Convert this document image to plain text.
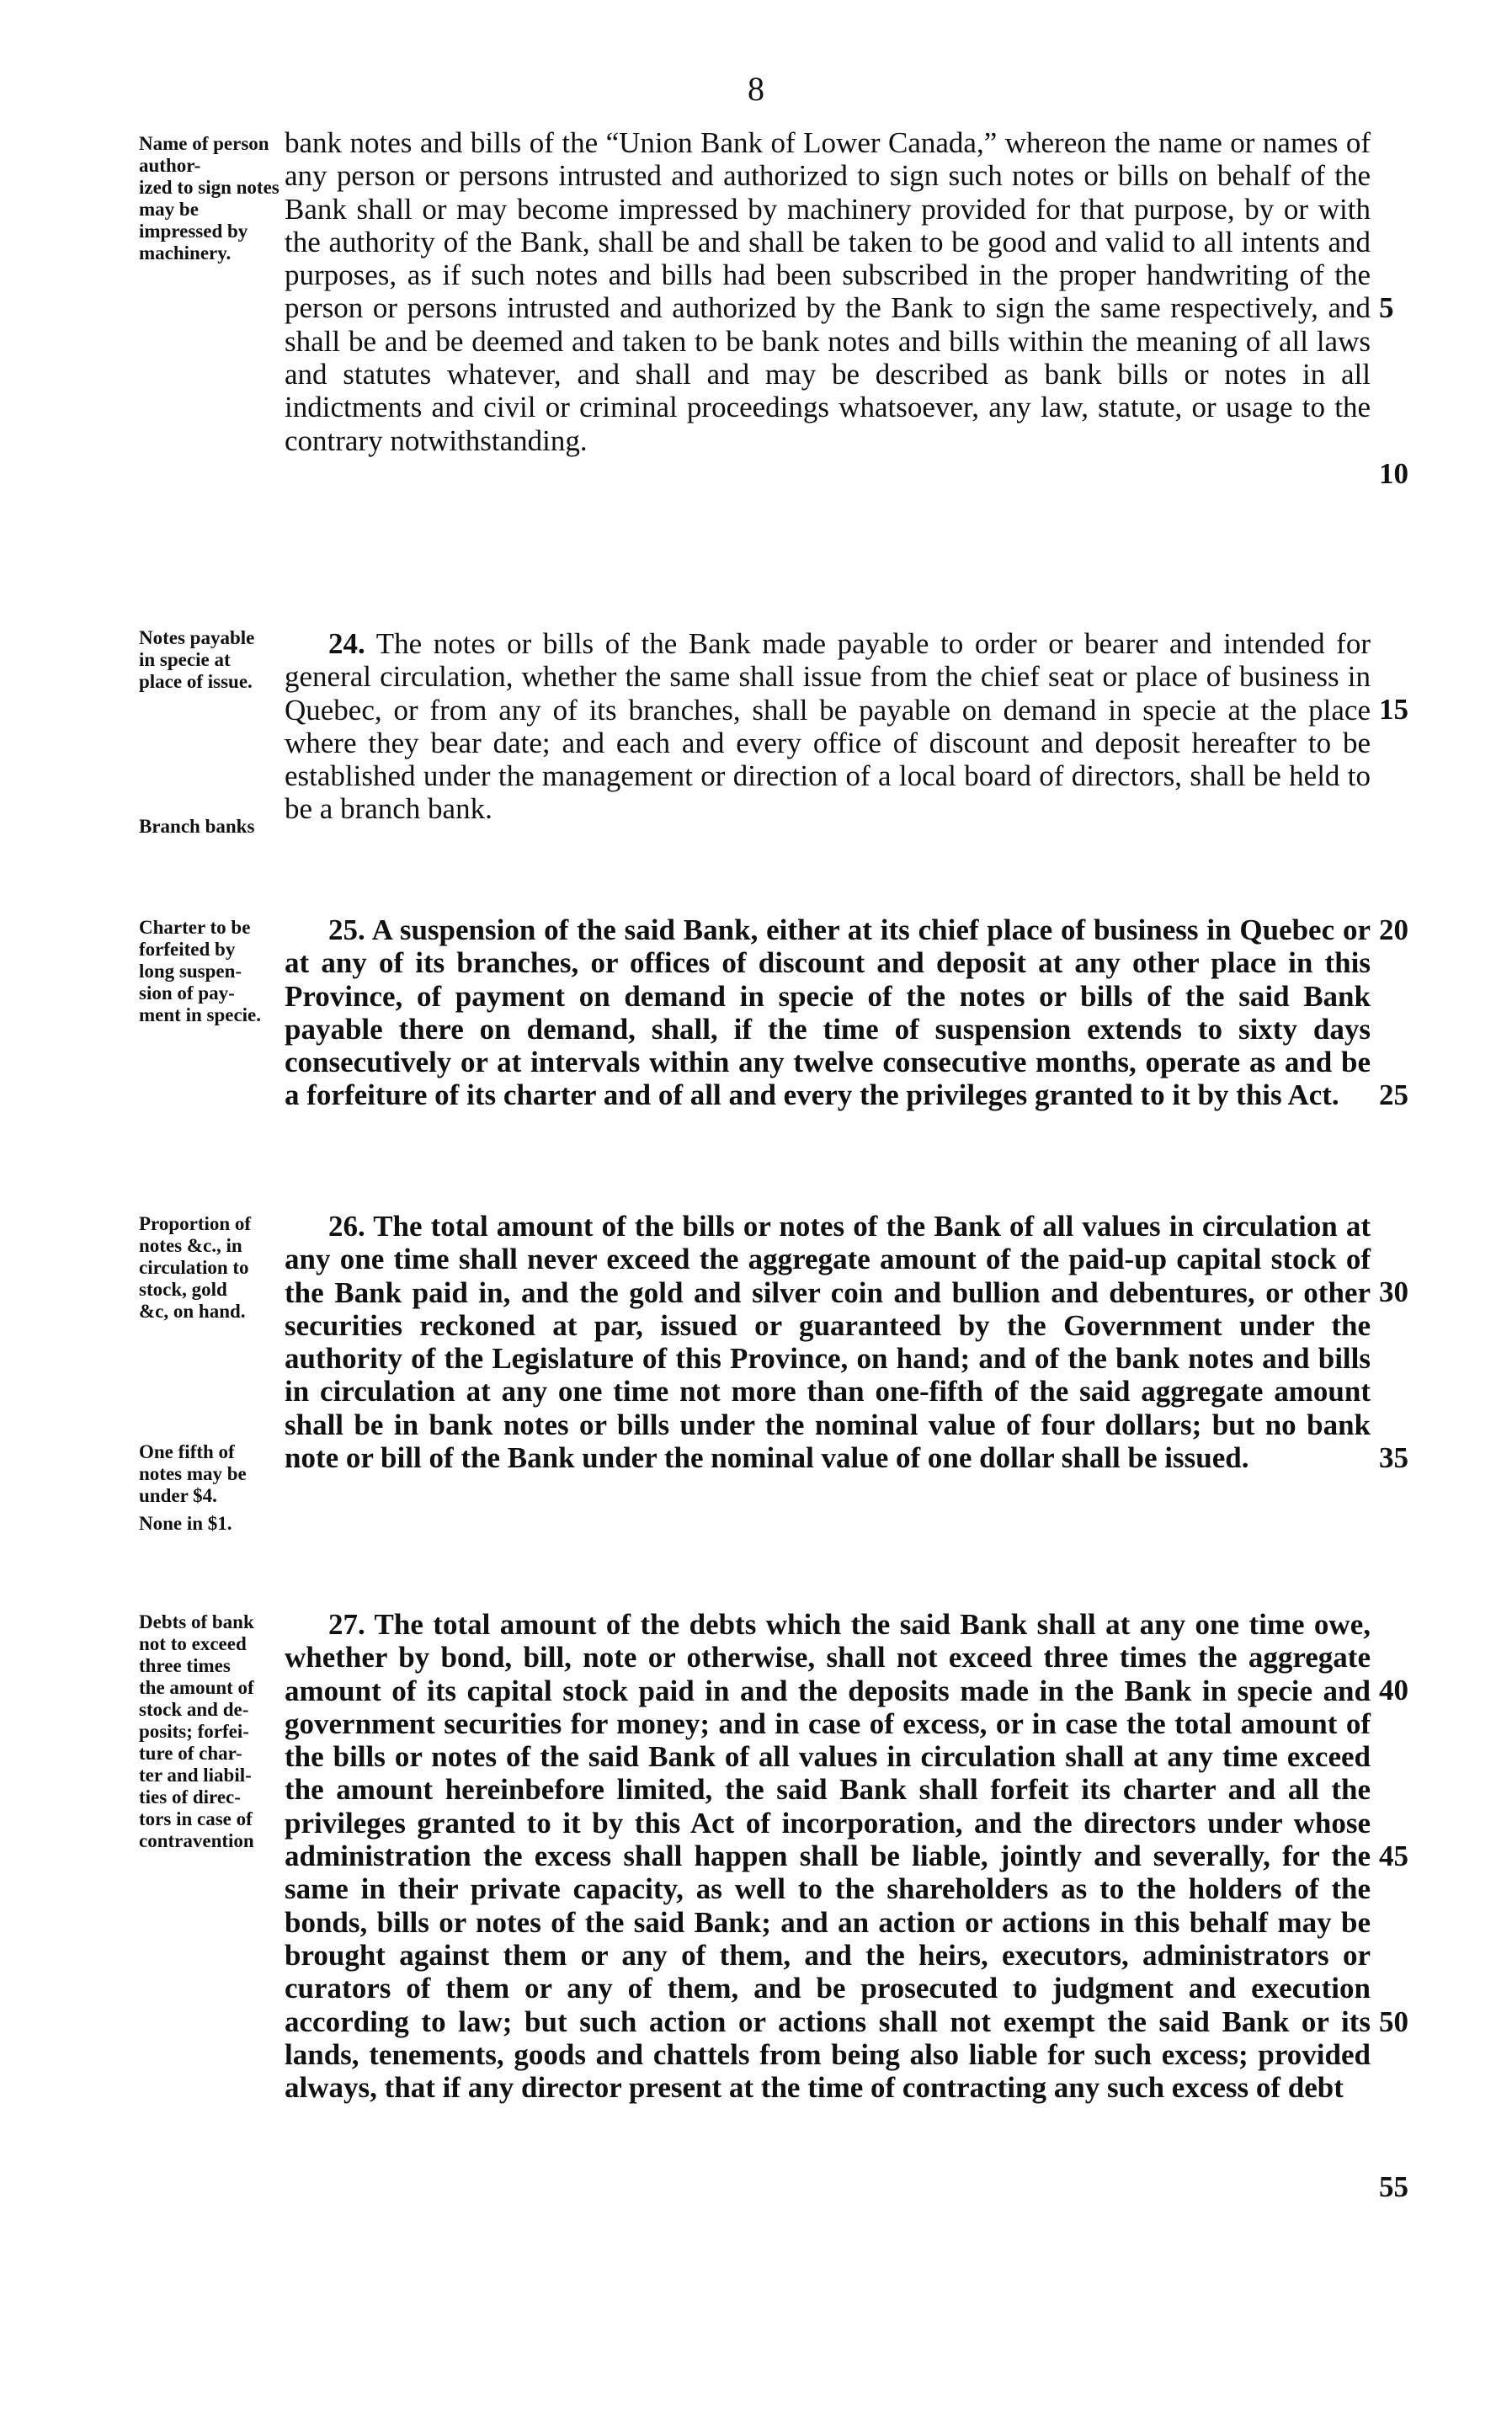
8
Name of person author-
ized to sign notes may be
impressed by machinery.
bank notes and bills of the “Union Bank of Lower Canada,” whereon the name or names of any person or persons intrusted and authorized to sign such notes or bills on behalf of the Bank shall or may become impressed by machinery provided for that purpose, by or with the authority of the Bank, shall be and shall be taken to be good and valid to all intents and purposes, as if such notes and bills had been subscribed in the proper handwriting of the person or persons intrusted and authorized by the Bank to sign the same respectively, and shall be and be deemed and taken to be bank notes and bills within the meaning of all laws and statutes whatever, and shall and may be described as bank bills or notes in all indictments and civil or criminal proceedings whatsoever, any law, statute, or usage to the contrary notwithstanding.
5
10
Notes payable
in specie at
place of issue.
Branch banks
24. The notes or bills of the Bank made payable to order or bearer and intended for general circulation, whether the same shall issue from the chief seat or place of business in Quebec, or from any of its branches, shall be payable on demand in specie at the place where they bear date; and each and every office of discount and deposit hereafter to be established under the management or direction of a local board of directors, shall be held to be a branch bank.
15
Charter to be
forfeited by
long suspen-
sion of pay-
ment in specie.
25. A suspension of the said Bank, either at its chief place of business in Quebec or at any of its branches, or offices of discount and deposit at any other place in this Province, of payment on demand in specie of the notes or bills of the said Bank payable there on demand, shall, if the time of suspension extends to sixty days consecutively or at intervals within any twelve consecutive months, operate as and be a forfeiture of its charter and of all and every the privileges granted to it by this Act.
20
25
Proportion of
notes &c., in
circulation to
stock, gold
&c, on hand.
One fifth of
notes may be
under $4.
None in $1.
26. The total amount of the bills or notes of the Bank of all values in circulation at any one time shall never exceed the aggregate amount of the paid-up capital stock of the Bank paid in, and the gold and silver coin and bullion and debentures, or other securities reckoned at par, issued or guaranteed by the Government under the authority of the Legislature of this Province, on hand; and of the bank notes and bills in circulation at any one time not more than one-fifth of the said aggregate amount shall be in bank notes or bills under the nominal value of four dollars; but no bank note or bill of the Bank under the nominal value of one dollar shall be issued.
30
35
Debts of bank
not to exceed
three times
the amount of
stock and de-
posits; forfei-
ture of char-
ter and liabil-
ties of direc-
tors in case of
contravention
27. The total amount of the debts which the said Bank shall at any one time owe, whether by bond, bill, note or otherwise, shall not exceed three times the aggregate amount of its capital stock paid in and the deposits made in the Bank in specie and government securities for money; and in case of excess, or in case the total amount of the bills or notes of the said Bank of all values in circulation shall at any time exceed the amount hereinbefore limited, the said Bank shall forfeit its charter and all the privileges granted to it by this Act of incorporation, and the directors under whose administration the excess shall happen shall be liable, jointly and severally, for the same in their private capacity, as well to the shareholders as to the holders of the bonds, bills or notes of the said Bank; and an action or actions in this behalf may be brought against them or any of them, and the heirs, executors, administrators or curators of them or any of them, and be prosecuted to judgment and execution according to law; but such action or actions shall not exempt the said Bank or its lands, tenements, goods and chattels from being also liable for such excess; provided always, that if any director present at the time of contracting any such excess of debt
40
45
50
55
